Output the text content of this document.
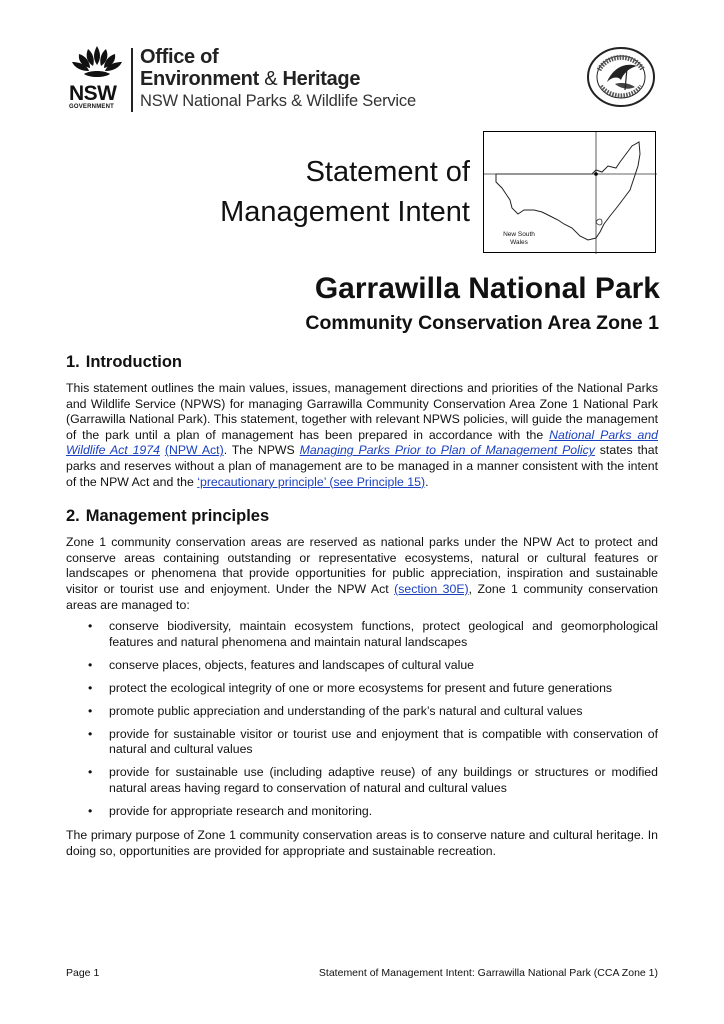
NSW
GOVERNMENT
Office of
Environment & Heritage
NSW National Parks & Wildlife Service
New South
Wales
Statement of
Management Intent
Garrawilla National Park
Community Conservation Area Zone 1
1. Introduction

This statement outlines the main values, issues, management directions and priorities of the National Parks and Wildlife Service (NPWS) for managing Garrawilla Community Conservation Area Zone 1 National Park (Garrawilla National Park). This statement, together with relevant NPWS policies, will guide the management of the park until a plan of management has been prepared in accordance with the National Parks and Wildlife Act 1974 (NPW Act). The NPWS Managing Parks Prior to Plan of Management Policy states that parks and reserves without a plan of management are to be managed in a manner consistent with the intent of the NPW Act and the ‘precautionary principle’ (see Principle 15).

2. Management principles

Zone 1 community conservation areas are reserved as national parks under the NPW Act to protect and conserve areas containing outstanding or representative ecosystems, natural or cultural features or landscapes or phenomena that provide opportunities for public appreciation, inspiration and sustainable visitor or tourist use and enjoyment. Under the NPW Act (section 30E), Zone 1 community conservation areas are managed to:

• conserve biodiversity, maintain ecosystem functions, protect geological and geomorphological features and natural phenomena and maintain natural landscapes
• conserve places, objects, features and landscapes of cultural value
• protect the ecological integrity of one or more ecosystems for present and future generations
• promote public appreciation and understanding of the park’s natural and cultural values
• provide for sustainable visitor or tourist use and enjoyment that is compatible with conservation of natural and cultural values
• provide for sustainable use (including adaptive reuse) of any buildings or structures or modified natural areas having regard to conservation of natural and cultural values
• provide for appropriate research and monitoring.

The primary purpose of Zone 1 community conservation areas is to conserve nature and cultural heritage. In doing so, opportunities are provided for appropriate and sustainable recreation.

Page 1	Statement of Management Intent: Garrawilla National Park (CCA Zone 1)
